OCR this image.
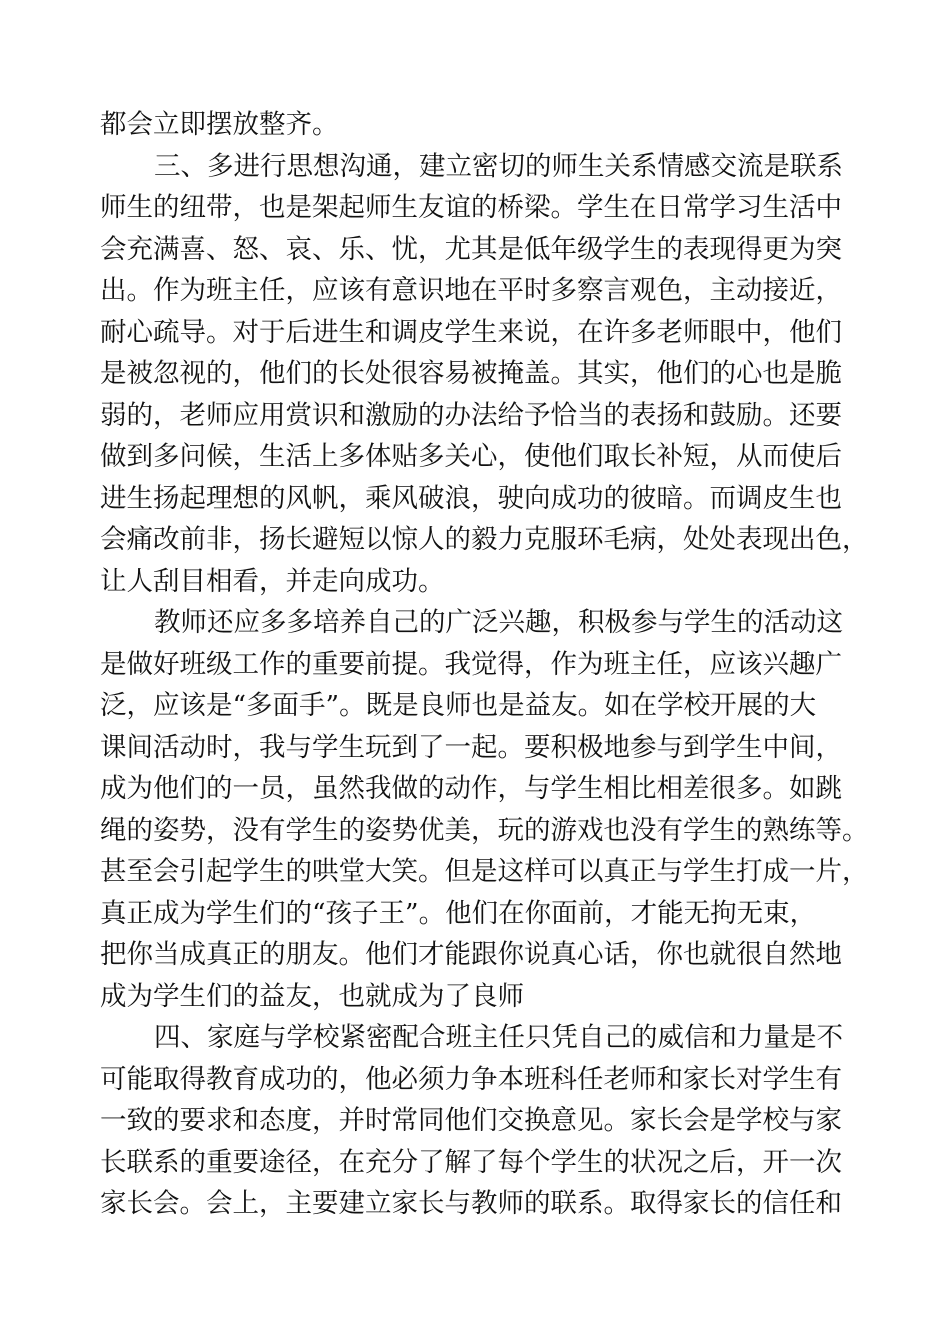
都会立即摆放整齐。
三、多进行思想沟通，建立密切的师生关系情感交流是联系
师生的纽带，也是架起师生友谊的桥梁。学生在日常学习生活中
会充满喜、怒、哀、乐、忧，尤其是低年级学生的表现得更为突
出。作为班主任，应该有意识地在平时多察言观色，主动接近，
耐心疏导。对于后进生和调皮学生来说，在许多老师眼中，他们
是被忽视的，他们的长处很容易被掩盖。其实，他们的心也是脆
弱的，老师应用赏识和激励的办法给予恰当的表扬和鼓励。还要
做到多问候，生活上多体贴多关心，使他们取长补短，从而使后
进生扬起理想的风帆，乘风破浪，驶向成功的彼暗。而调皮生也
会痛改前非，扬长避短以惊人的毅力克服环毛病，处处表现出色，
让人刮目相看，并走向成功。
教师还应多多培养自己的广泛兴趣，积极参与学生的活动这
是做好班级工作的重要前提。我觉得，作为班主任，应该兴趣广
泛，应该是“多面手”。既是良师也是益友。如在学校开展的大
课间活动时，我与学生玩到了一起。要积极地参与到学生中间，
成为他们的一员，虽然我做的动作，与学生相比相差很多。如跳
绳的姿势，没有学生的姿势优美，玩的游戏也没有学生的熟练等。
甚至会引起学生的哄堂大笑。但是这样可以真正与学生打成一片，
真正成为学生们的“孩子王”。他们在你面前，才能无拘无束，
把你当成真正的朋友。他们才能跟你说真心话，你也就很自然地
成为学生们的益友，也就成为了良师
四、家庭与学校紧密配合班主任只凭自己的威信和力量是不
可能取得教育成功的，他必须力争本班科任老师和家长对学生有
一致的要求和态度，并时常同他们交换意见。家长会是学校与家
长联系的重要途径，在充分了解了每个学生的状况之后，开一次
家长会。会上，主要建立家长与教师的联系。取得家长的信任和
